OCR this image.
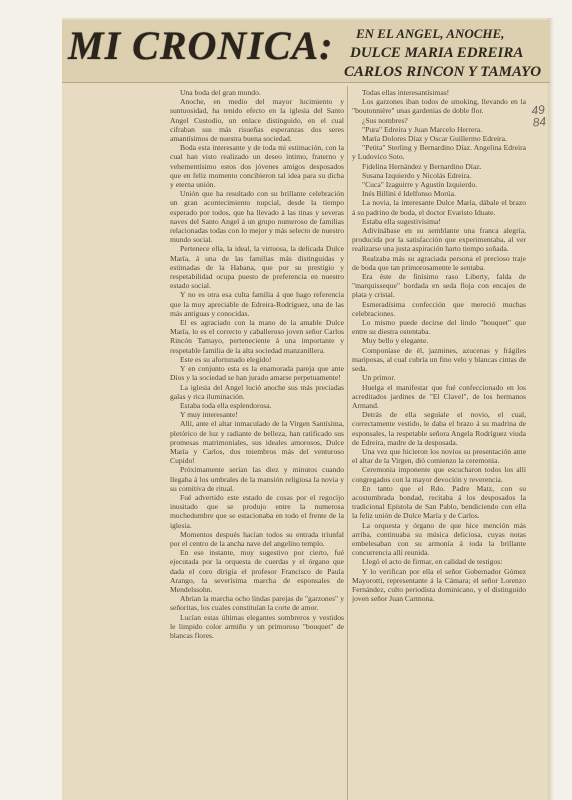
MI CRONICA: EN EL ANGEL, ANOCHE,
DULCE MARIA EDREIRA
CARLOS RINCON Y TAMAYO

Una boda del gran mundo.

Anoche, en medio del mayor lucimiento y suntuosidad, ha tenido efecto en la iglesia del Santo Angel Custodio, un enlace distinguido, en el cual cifraban sus más risueñas esperanzas dos seres amantísimos de nuestra buena sociedad.

Boda esta interesante y de toda mi estimación, con la cual han visto realizado un deseo íntimo, fraterno y vehementísimo estos dos jóvenes amigos desposados que en feliz momento concibieron tal idea para su dicha y eterna unión.

Unión que ha resultado con su brillante celebración un gran acontecimiento nupcial, desde la tiempo esperado por todos, que ha llevado á las tinas y severas naves del Santo Angel á un grupo numeroso de familias relacionadas todas con lo mejor y más selecto de nuestro mundo social.

Pertenece ella, la ideal, la virtuosa, la delicada Dulce María, á una de las familias más distinguidas y estimadas de la Habana, que por su prestigio y respetabilidad ocupa puesto de preferencia en nuestro estado social.

Y no es otra esa culta familia á que hago referencia que la muy apreciable de Edreira-Rodríguez, una de las más antiguas y conocidas.

El es agraciado con la mano de la amable Dulce María, lo es el correcto y caballeroso joven señor Carlos Rincón Tamayo, perteneciente á una importante y respetable familia de la alta sociedad manzanillera.

Este es su afortunado elegido!

Y en conjunto esta es la enamorada pareja que ante Dios y la sociedad se han jurado amarse perpetuamente!

La iglesia del Angel lució anoche sus más preciadas galas y rica iluminación.

Estaba toda ella esplendorosa.

Y muy interesante!

Allí, ante el altar inmaculado de la Virgen Santísima, pletórico de luz y radiante de belleza, han ratificado sus promesas matrimoniales, sus ideales amorosos, Dulce María y Carlos, dos miembros más del venturoso Cupido!

Próximamente serían las diez y minutos cuando llegaba á los umbrales de la mansión religiosa la novia y su comitiva de ritual.

Fué advertido este estado de cosas por el regocijo inusitado que se produjo entre la numerosa muchedumbre que se estacionaba en todo el frente de la iglesia.

Momentos después hacían todos su entrada triunfal por el centro de la ancha nave del angelino templo.

En ese instante, muy sugestivo por cierto, fué ejecutada por la orquesta de cuerdas y el órgano que dada el coro dirigía el profesor Francisco de Paula Arango, la severísima marcha de esponsales de Mendelssohn.

Abrían la marcha ocho lindas parejas de "garzones" y señoritas, los cuales constituían la corte de amor.

Lucían estas últimas elegantes sombreros y vestidos le limpido color armiño y un primoroso "bouquet" de blancas flores.

Todas ellas interesantísimas!

Los garzones iban todos de smoking, llevando en la "boutonnière" unas gardenias de doble flor.

¿Sus nombres?

"Pura" Edreira y Juan Marcelo Herrera.

María Dolores Díaz y Oscar Guillermo Edreira.

"Petita" Sterling y Bernardino Díaz. Angelina Edreira y Ludovico Soto.

Fidelina Hernández y Bernardino Díaz.

Susana Izquierdo y Nicolás Edreira.

"Cuca" Izaguirre y Agustín Izquierdo.

Inés Billini é Idelfonso Morúa.

La novia, la interesante Dulce María, dábale el brazo á su padrino de boda, el doctor Evaristo Iduate.

Estaba ella sugestivísima!

Adivinábase en su semblante una franca alegría, producida por la satisfacción que experimentaba, al ver realizarse una justa aspiración harto tiempo soñada.

Realzaba más su agraciada persona el precioso traje de boda que tan primorosamente le sentaba.

Era éste de finísimo raso Liberty, falda de "marquisseque" bordada en seda floja con encajes de plata y cristal.

Esmeradísima confección que mereció muchas celebraciones.

Lo mismo puede decirse del lindo "bouquet" que entre su diestra ostentaba.

Muy bello y elegante.

Componíase de él, jazmines, azucenas y frágiles mariposas, al cual cubría un fino velo y blancas cintas de seda.

Un primor.

Huelga el manifestar que fué confeccionado en los acreditados jardines de "El Clavel", de los hermanos Armand.

Detrás de ella seguíale el novio, el cual, correctamente vestido, le daba el brazo á su madrina de esponsales, la respetable señora Angela Rodríguez viuda de Edreira, madre de la desposada.

Una vez que hicieron los novios su presentación ante el altar de la Virgen, dió comienzo la ceremonia.

Ceremonia imponente que escucharon todos los allí congregados con la mayor devoción y reverencia.

En tanto que el Rdo. Padre Matz, con su acostumbrada bondad, recitaba á los desposados la tradicional Epístola de San Pablo, bendiciendo con ella la feliz unión de Dulce María y de Carlos.

La orquesta y órgano de que hice mención más arriba, continuaba su música deliciosa, cuyas notas embelesaban con su armonía á toda la brillante concurrencia allí reunida.

Llegó el acto de firmar, en calidad de testigos:

Y lo verifican por ella el señor Gobernador Gómez Mayorotti, representante á la Cámara; el señor Lorenzo Fernández, culto periodista dominicano, y el distinguido joven señor Juan Carmona.

49
84
